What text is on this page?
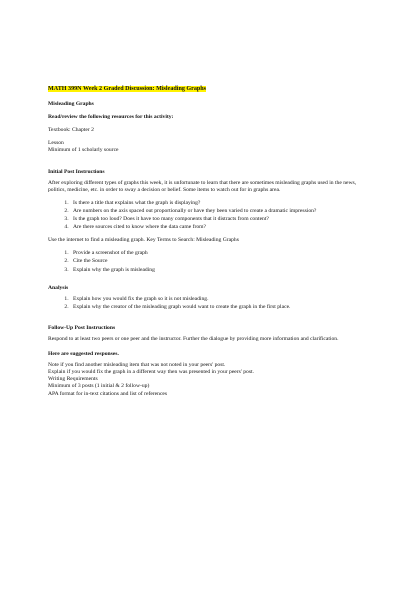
MATH 399N Week 2 Graded Discussion: Misleading Graphs

Misleading Graphs

Read/review the following resources for this activity:

Textbook: Chapter 2

Lesson

Minimum of 1 scholarly source

Initial Post Instructions

After exploring different types of graphs this week, it is unfortunate to learn that there are sometimes misleading graphs used in the news, politics, medicine, etc. in order to sway a decision or belief. Some items to watch out for in graphs area.

1. Is there a title that explains what the graph is displaying?
2. Are numbers on the axis spaced out proportionally or have they been varied to create a dramatic impression?
3. Is the graph too loud? Does it have too many components that it distracts from content?
4. Are there sources cited to know where the data came from?

Use the internet to find a misleading graph. Key Terms to Search: Misleading Graphs

1. Provide a screenshot of the graph
2. Cite the Source
3. Explain why the graph is misleading
Analysis
1. Explain how you would fix the graph so it is not misleading.
2. Explain why the creator of the misleading graph would want to create the graph in the first place.
Follow-Up Post Instructions

Respond to at least two peers or one peer and the instructor. Further the dialogue by providing more information and clarification.

Here are suggested responses.

Note if you find another misleading item that was not noted in your peers' post.

Explain if you would fix the graph in a different way then was presented in your peers' post.

Writing Requirements

Minimum of 3 posts (1 initial & 2 follow-up)

APA format for in-text citations and list of references
